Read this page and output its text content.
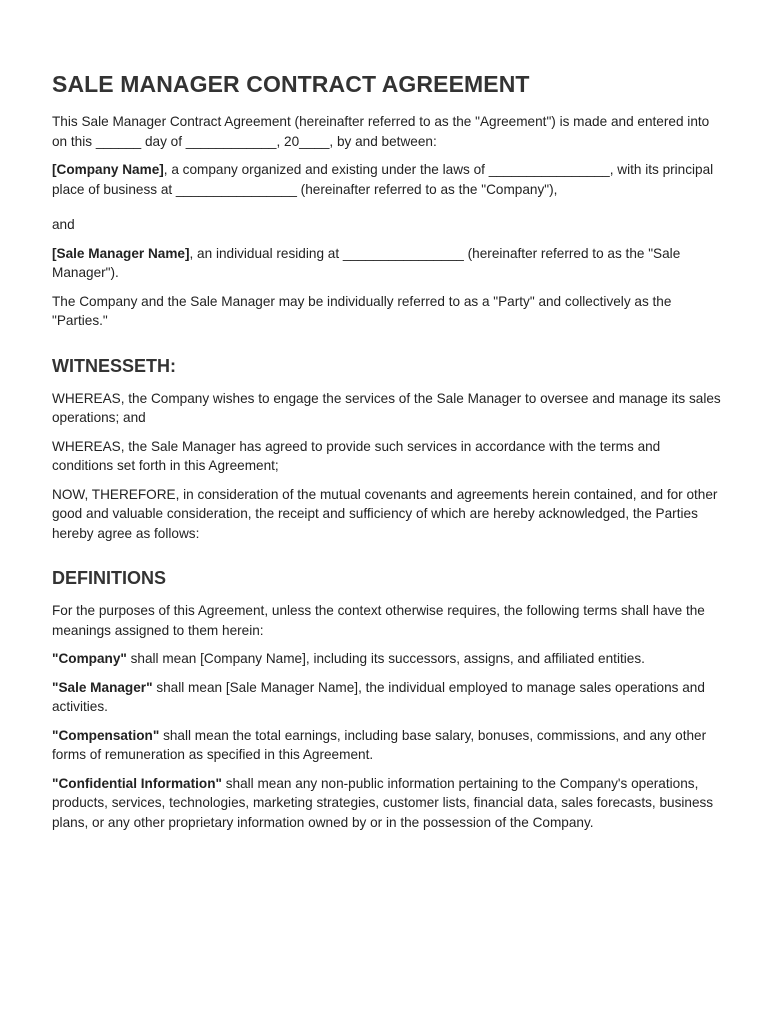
SALE MANAGER CONTRACT AGREEMENT

This Sale Manager Contract Agreement (hereinafter referred to as the "Agreement") is made and entered into on this ______ day of ____________, 20____, by and between:

[Company Name], a company organized and existing under the laws of ________________, with its principal place of business at ________________ (hereinafter referred to as the "Company"),

and

[Sale Manager Name], an individual residing at ________________ (hereinafter referred to as the "Sale Manager").

The Company and the Sale Manager may be individually referred to as a "Party" and collectively as the "Parties."

WITNESSETH:

WHEREAS, the Company wishes to engage the services of the Sale Manager to oversee and manage its sales operations; and

WHEREAS, the Sale Manager has agreed to provide such services in accordance with the terms and conditions set forth in this Agreement;

NOW, THEREFORE, in consideration of the mutual covenants and agreements herein contained, and for other good and valuable consideration, the receipt and sufficiency of which are hereby acknowledged, the Parties hereby agree as follows:

DEFINITIONS

For the purposes of this Agreement, unless the context otherwise requires, the following terms shall have the meanings assigned to them herein:

"Company" shall mean [Company Name], including its successors, assigns, and affiliated entities.

"Sale Manager" shall mean [Sale Manager Name], the individual employed to manage sales operations and activities.

"Compensation" shall mean the total earnings, including base salary, bonuses, commissions, and any other forms of remuneration as specified in this Agreement.

"Confidential Information" shall mean any non-public information pertaining to the Company's operations, products, services, technologies, marketing strategies, customer lists, financial data, sales forecasts, business plans, or any other proprietary information owned by or in the possession of the Company.
